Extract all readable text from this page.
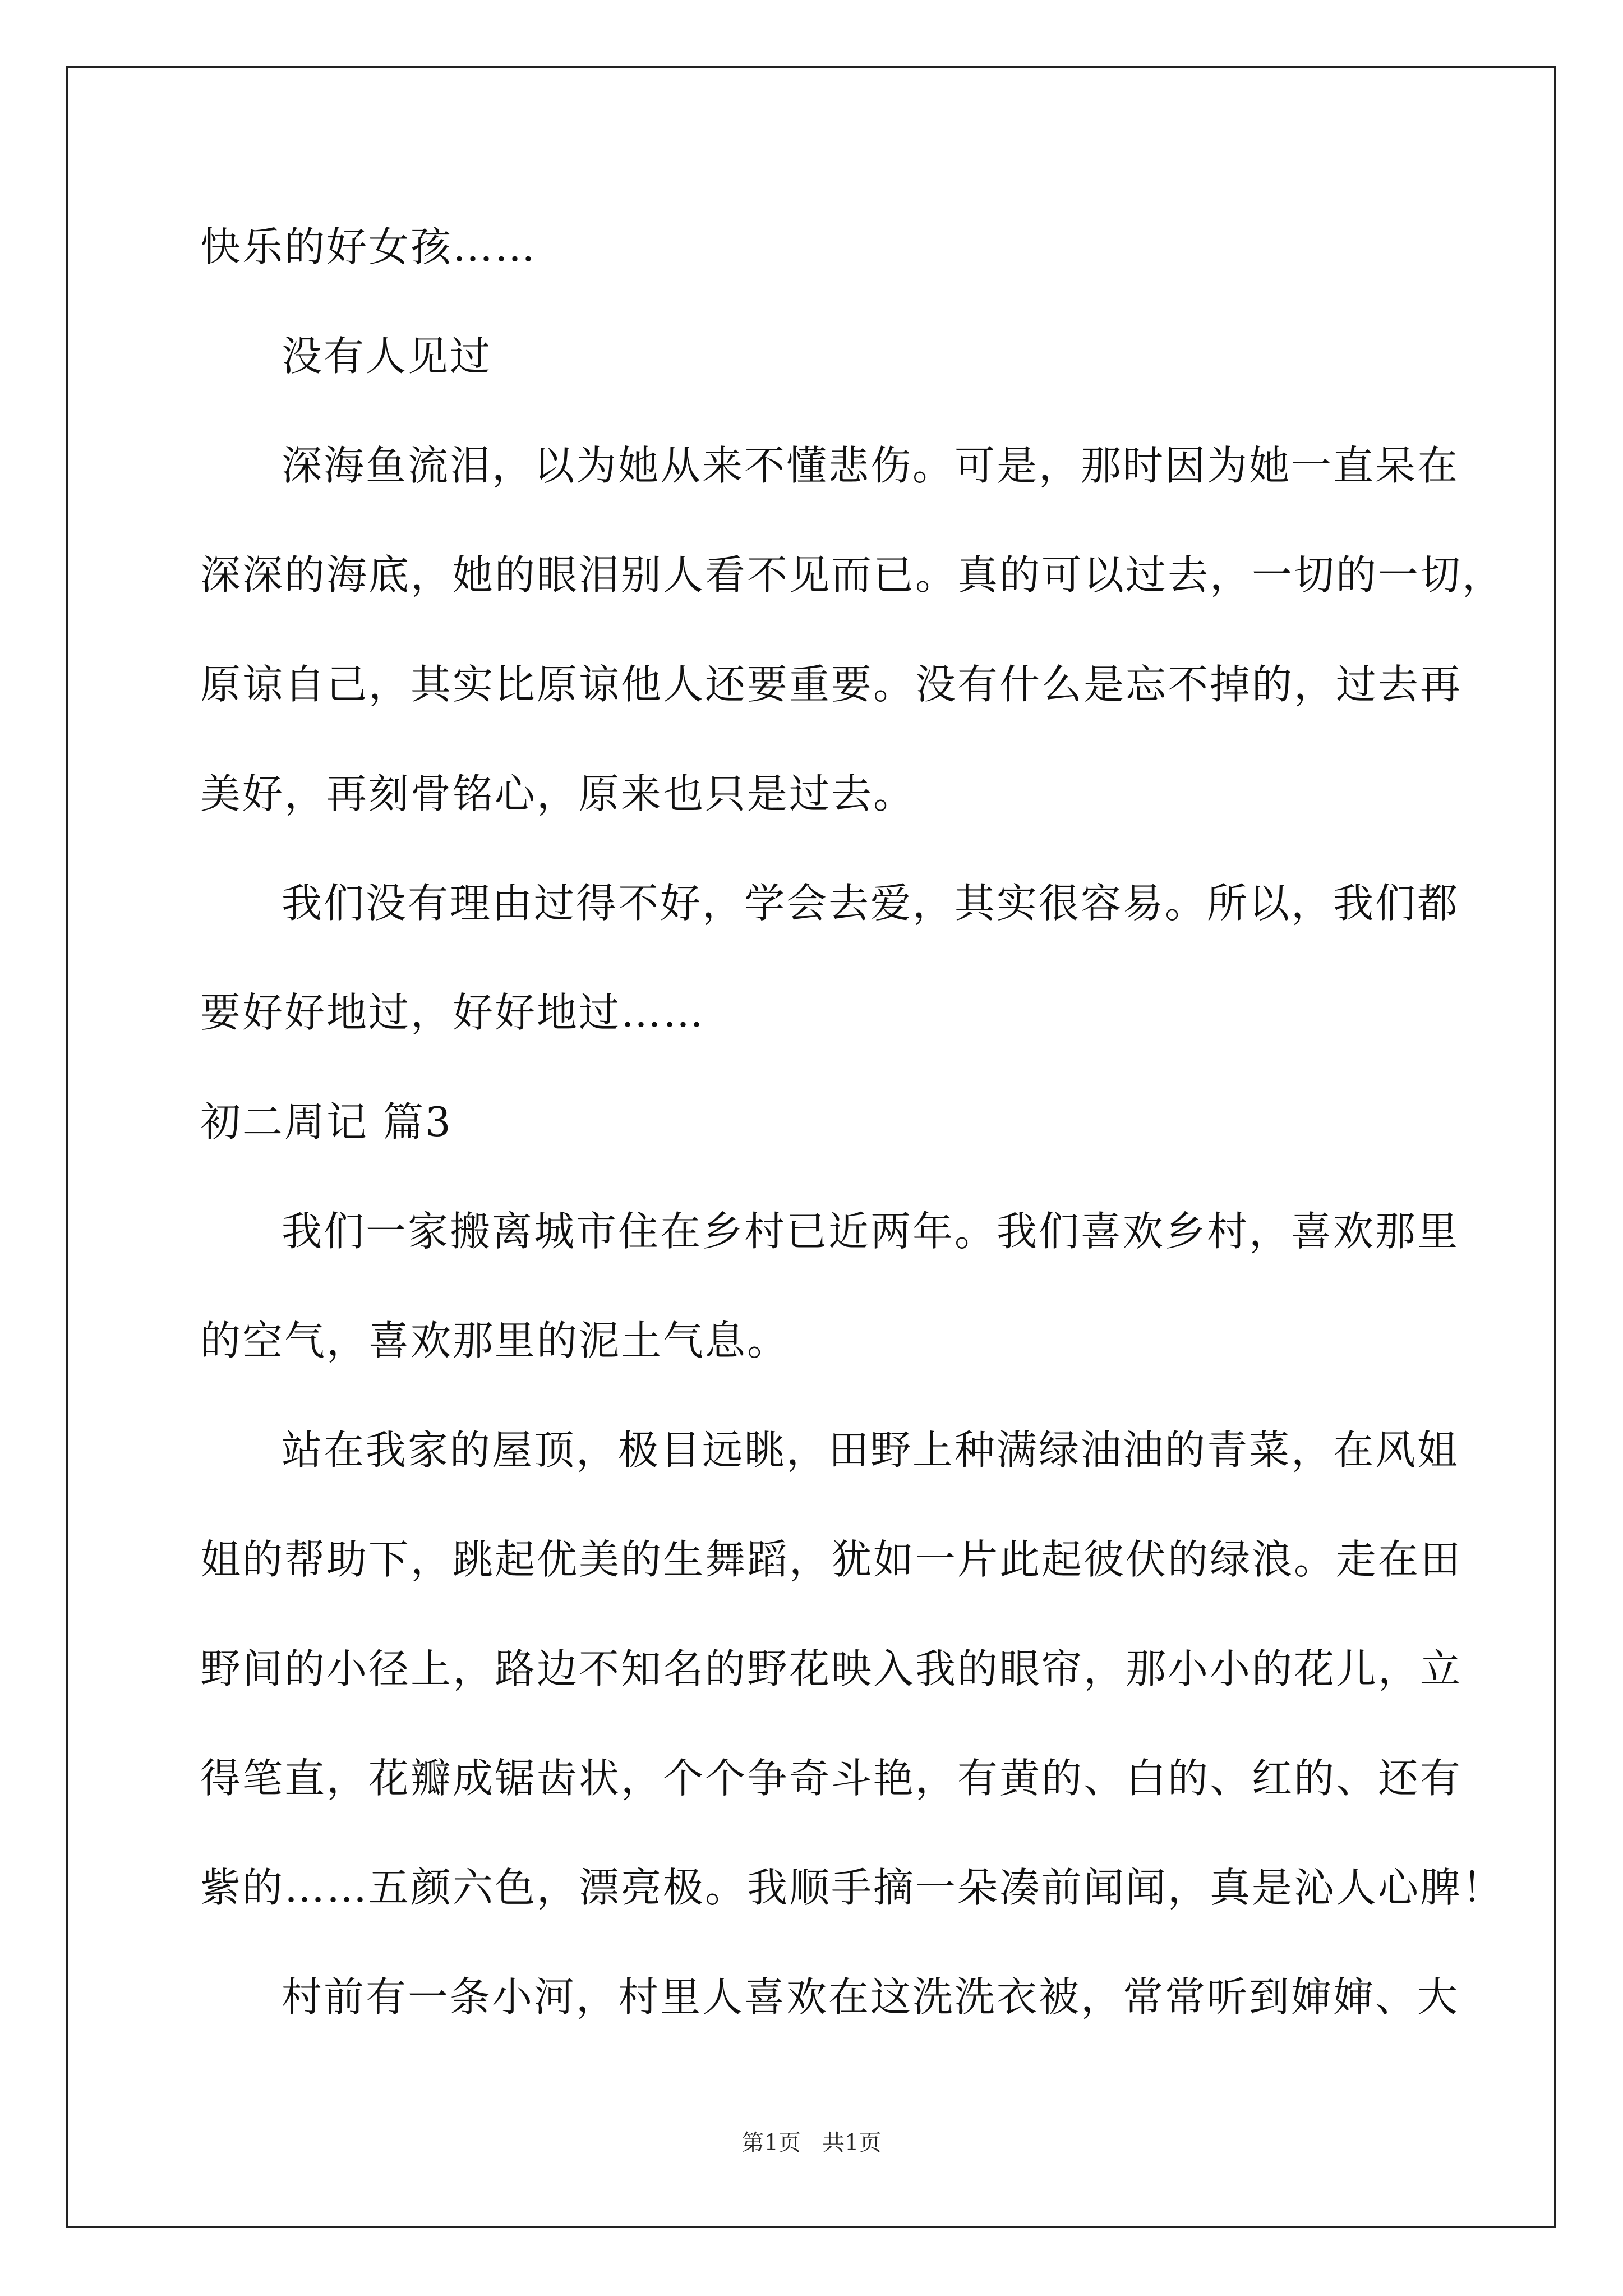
快乐的好女孩……
没有人见过
深海鱼流泪，以为她从来不懂悲伤。可是，那时因为她一直呆在
深深的海底，她的眼泪别人看不见而已。真的可以过去，一切的一切，
原谅自己，其实比原谅他人还要重要。没有什么是忘不掉的，过去再
美好，再刻骨铭心，原来也只是过去。
我们没有理由过得不好，学会去爱，其实很容易。所以，我们都
要好好地过，好好地过……
初二周记 篇3
我们一家搬离城市住在乡村已近两年。我们喜欢乡村，喜欢那里
的空气，喜欢那里的泥土气息。
站在我家的屋顶，极目远眺，田野上种满绿油油的青菜，在风姐
姐的帮助下，跳起优美的生舞蹈，犹如一片此起彼伏的绿浪。走在田
野间的小径上，路边不知名的野花映入我的眼帘，那小小的花儿，立
得笔直，花瓣成锯齿状，个个争奇斗艳，有黄的、白的、红的、还有
紫的……五颜六色，漂亮极。我顺手摘一朵凑前闻闻，真是沁人心脾！
村前有一条小河，村里人喜欢在这洗洗衣被，常常听到婶婶、大
第1页   共1页
